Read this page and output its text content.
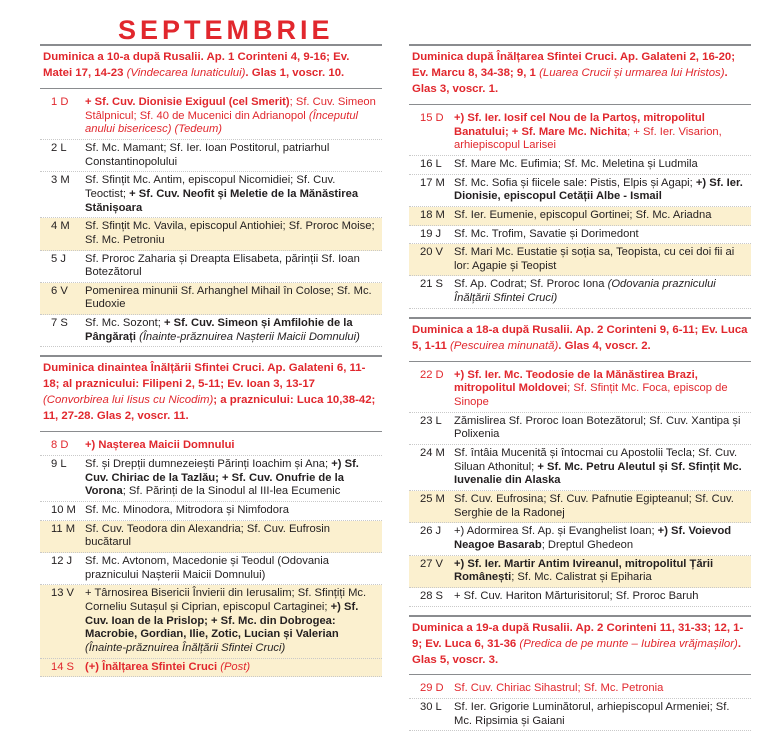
SEPTEMBRIE
Duminica a 10-a după Rusalii. Ap. 1 Corinteni 4, 9-16; Ev. Matei 17, 14-23 (Vindecarea lunaticului). Glas 1, voscr. 10.
1 D	+ Sf. Cuv. Dionisie Exiguul (cel Smerit); Sf. Cuv. Simeon Stâlpnicul; Sf. 40 de Mucenici din Adrianopol (Începutul anului bisericesc) (Tedeum)
2 L	Sf. Mc. Mamant; Sf. Ier. Ioan Postitorul, patriarhul Constantinopolului
3 M	Sf. Sfințit Mc. Antim, episcopul Nicomidiei; Sf. Cuv. Teoctist; + Sf. Cuv. Neofit și Meletie de la Mănăstirea Stănișoara
4 M	Sf. Sfințit Mc. Vavila, episcopul Antiohiei; Sf. Proroc Moise; Sf. Mc. Petroniu
5 J	Sf. Proroc Zaharia și Dreapta Elisabeta, părinții Sf. Ioan Botezătorul
6 V	Pomenirea minunii Sf. Arhanghel Mihail în Colose; Sf. Mc. Eudoxie
7 S	Sf. Mc. Sozont; + Sf. Cuv. Simeon și Amfilohie de la Pângărați (Înainte-prăznuirea Nașterii Maicii Domnului)
Duminica dinaintea Înălțării Sfintei Cruci. Ap. Galateni 6, 11-18; al praznicului: Filipeni 2, 5-11; Ev. Ioan 3, 13-17 (Convorbirea lui Iisus cu Nicodim); a praznicului: Luca 10,38-42; 11, 27-28. Glas 2, voscr. 11.
8 D	+) Nașterea Maicii Domnului
9 L	Sf. și Drepții dumnezeiești Părinți Ioachim și Ana; +) Sf. Cuv. Chiriac de la Tazlău; + Sf. Cuv. Onufrie de la Vorona; Sf. Părinți de la Sinodul al III-lea Ecumenic
10 M Sf. Mc. Minodora, Mitrodora și Nimfodora
11 M Sf. Cuv. Teodora din Alexandria; Sf. Cuv. Eufrosin bucătarul
12 J	Sf. Mc. Avtonom, Macedonie și Teodul (Odovania praznicului Nașterii Maicii Domnului)
13 V + Târnosirea Bisericii Învierii din Ierusalim; Sf. Sfințiți Mc. Corneliu Sutașul și Ciprian, episcopul Cartaginei; +) Sf. Cuv. Ioan de la Prislop; + Sf. Mc. din Dobrogea: Macrobie, Gordian, Ilie, Zotic, Lucian și Valerian (Înainte-prăznuirea Înălțării Sfintei Cruci)
14 S (+) Înălțarea Sfintei Cruci (Post)
Duminica după Înălțarea Sfintei Cruci. Ap. Galateni 2, 16-20; Ev. Marcu 8, 34-38; 9, 1 (Luarea Crucii și urmarea lui Hristos). Glas 3, voscr. 1.
15 D +) Sf. Ier. Iosif cel Nou de la Partoș, mitropolitul Banatului; + Sf. Mare Mc. Nichita; + Sf. Ier. Visarion, arhiepiscopul Larisei
16 L	Sf. Mare Mc. Eufimia; Sf. Mc. Meletina și Ludmila
17 M Sf. Mc. Sofia și fiicele sale: Pistis, Elpis și Agapi; +) Sf. Ier. Dionisie, episcopul Cetății Albe - Ismail
18 M Sf. Ier. Eumenie, episcopul Gortinei; Sf. Mc. Ariadna
19 J	Sf. Mc. Trofim, Savatie și Dorimedont
20 V Sf. Mari Mc. Eustatie și soția sa, Teopista, cu cei doi fii ai lor: Agapie și Teopist
21 S Sf. Ap. Codrat; Sf. Proroc Iona (Odovania praznicului Înălțării Sfintei Cruci)
Duminica a 18-a după Rusalii. Ap. 2 Corinteni 9, 6-11; Ev. Luca 5, 1-11 (Pescuirea minunată). Glas 4, voscr. 2.
22 D +) Sf. Ier. Mc. Teodosie de la Mănăstirea Brazi, mitropolitul Moldovei; Sf. Sfințit Mc. Foca, episcop de Sinope
23 L	Zămislirea Sf. Proroc Ioan Botezătorul; Sf. Cuv. Xantipa și Polixenia
24 M Sf. întâia Mucenită și întocmai cu Apostolii Tecla; Sf. Cuv. Siluan Athonitul; + Sf. Mc. Petru Aleutul și Sf. Sfințit Mc. Iuvenalie din Alaska
25 M Sf. Cuv. Eufrosina; Sf. Cuv. Pafnutie Egipteanul; Sf. Cuv. Serghie de la Radonej
26 J	+) Adormirea Sf. Ap. și Evanghelist Ioan; +) Sf. Voievod Neagoe Basarab; Dreptul Ghedeon
27 V +) Sf. Ier. Martir Antim Ivireanul, mitropolitul Țării Românești; Sf. Mc. Calistrat și Epiharia
28 S + Sf. Cuv. Hariton Mărturisitorul; Sf. Proroc Baruh
Duminica a 19-a după Rusalii. Ap. 2 Corinteni 11, 31-33; 12, 1-9; Ev. Luca 6, 31-36 (Predica de pe munte – Iubirea vrăjmașilor). Glas 5, voscr. 3.
29 D Sf. Cuv. Chiriac Sihastrul; Sf. Mc. Petronia
30 L	Sf. Ier. Grigorie Luminătorul, arhiepiscopul Armeniei; Sf. Mc. Ripsimia și Gaiani
